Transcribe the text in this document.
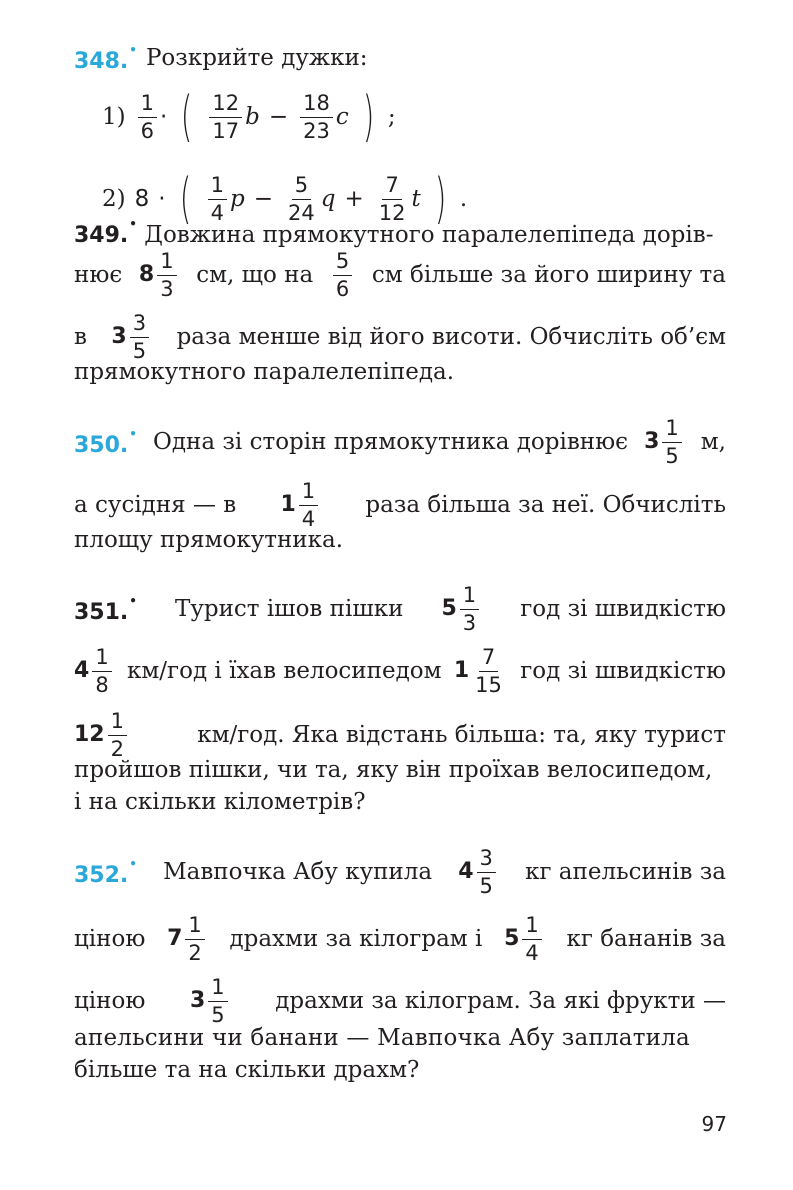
348.• Розкрийте дужки:
$1) \frac{1}{6}$ · ( $\frac{12}{17}$ $b - \frac{18}{23}$ c ) ;
2) 8 · ( $\frac{1}{4}$ $p - \frac{5}{24}$ $q + \frac{7}{12}$ t ) .
349.• Довжина прямокутного паралелепіпеда дорів-
нює $8 \frac{1}{3}$ см, що на $\frac{5}{6}$ см більше за його ширину та
в $3 \frac{3}{5}$ раза менше від його висоти. Обчисліть об’єм
прямокутного паралелепіпеда.
350.• Одна зі сторін прямокутника дорівнює $3 \frac{1}{5} м$,
а сусідня — в $1 \frac{1}{4}$ раза більша за неї. Обчисліть
площу прямокутника.
351.• Турист ішов пішки $5 \frac{1}{3}$ год зі швидкістю
$4 \frac{1}{8} км/год$ і їхав велосипедом $1 \frac{7}{15}$ год зі швидкістю
$12 \frac{1}{2}$	км/год. Яка відстань більша: та, яку турист
пройшов пішки, чи та, яку він проїхав велосипедом,
і на скільки кілометрів?
352.• Мавпочка Абу купила $4 \frac{3}{5}$ кг апельсинів за
ціною $7 \frac{1}{2}$ драхми за кілограм і $5 \frac{1}{4}$ кг бананів за
ціною $3 \frac{1}{5}$ драхми за кілограм. За які фрукти —
апельсини чи банани — Мавпочка Абу заплатила
більше та на скільки драхм?
97
